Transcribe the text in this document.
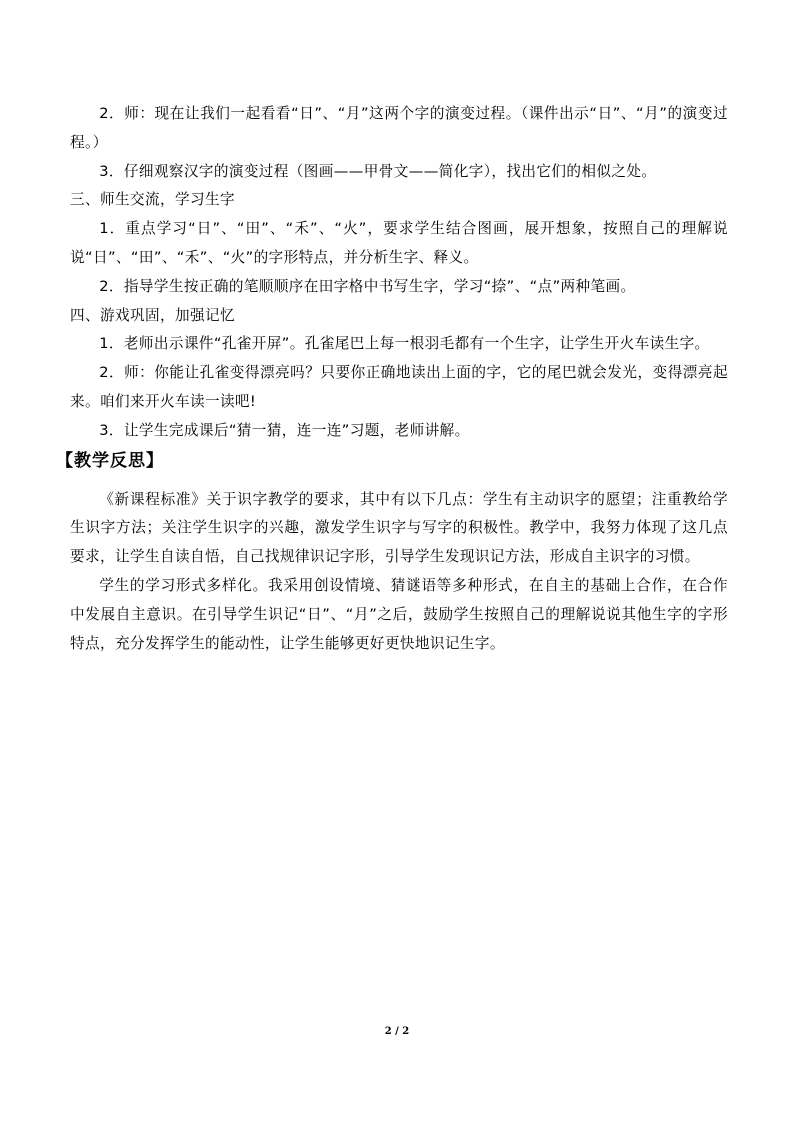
2．师：现在让我们一起看看“日”、“月”这两个字的演变过程。（课件出示“日”、“月”的演变过程。）

3．仔细观察汉字的演变过程（图画——甲骨文——简化字），找出它们的相似之处。

三、师生交流，学习生字

1．重点学习“日”、“田”、“禾”、“火”，要求学生结合图画，展开想象，按照自己的理解说说“日”、“田”、“禾”、“火”的字形特点，并分析生字、释义。

2．指导学生按正确的笔顺顺序在田字格中书写生字，学习“捺”、“点”两种笔画。

四、游戏巩固，加强记忆

1．老师出示课件“孔雀开屏”。孔雀尾巴上每一根羽毛都有一个生字，让学生开火车读生字。

2．师：你能让孔雀变得漂亮吗？只要你正确地读出上面的字，它的尾巴就会发光，变得漂亮起来。咱们来开火车读一读吧!

3．让学生完成课后“猜一猜，连一连”习题，老师讲解。

【教学反思】

《新课程标准》关于识字教学的要求，其中有以下几点：学生有主动识字的愿望；注重教给学生识字方法；关注学生识字的兴趣，激发学生识字与写字的积极性。教学中，我努力体现了这几点要求，让学生自读自悟，自己找规律识记字形，引导学生发现识记方法，形成自主识字的习惯。

学生的学习形式多样化。我采用创设情境、猜谜语等多种形式，在自主的基础上合作，在合作中发展自主意识。在引导学生识记“日”、“月”之后，鼓励学生按照自己的理解说说其他生字的字形特点，充分发挥学生的能动性，让学生能够更好更快地识记生字。

2 / 2
